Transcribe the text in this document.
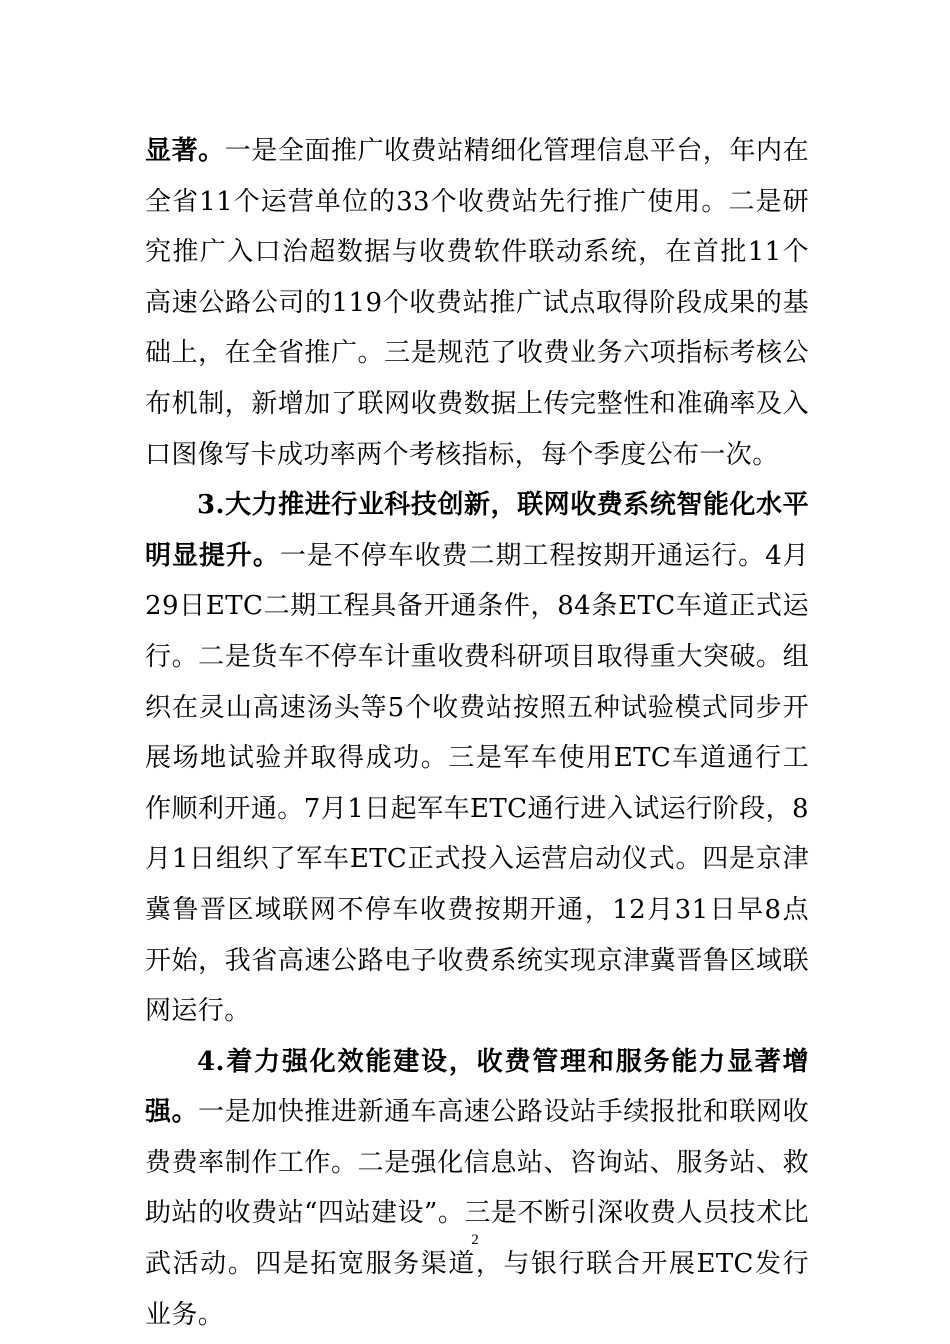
显著。一是全面推广收费站精细化管理信息平台，年内在全省11个运营单位的33个收费站先行推广使用。二是研究推广入口治超数据与收费软件联动系统，在首批11个高速公路公司的119个收费站推广试点取得阶段成果的基础上，在全省推广。三是规范了收费业务六项指标考核公布机制，新增加了联网收费数据上传完整性和准确率及入口图像写卡成功率两个考核指标，每个季度公布一次。

3.大力推进行业科技创新，联网收费系统智能化水平明显提升。一是不停车收费二期工程按期开通运行。4月29日ETC二期工程具备开通条件，84条ETC车道正式运行。二是货车不停车计重收费科研项目取得重大突破。组织在灵山高速汤头等5个收费站按照五种试验模式同步开展场地试验并取得成功。三是军车使用ETC车道通行工作顺利开通。7月1日起军车ETC通行进入试运行阶段，8月1日组织了军车ETC正式投入运营启动仪式。四是京津冀鲁晋区域联网不停车收费按期开通，12月31日早8点开始，我省高速公路电子收费系统实现京津冀晋鲁区域联网运行。

4.着力强化效能建设，收费管理和服务能力显著增强。一是加快推进新通车高速公路设站手续报批和联网收费费率制作工作。二是强化信息站、咨询站、服务站、救助站的收费站“四站建设”。三是不断引深收费人员技术比武活动。四是拓宽服务渠道，与银行联合开展ETC发行业务。

2
